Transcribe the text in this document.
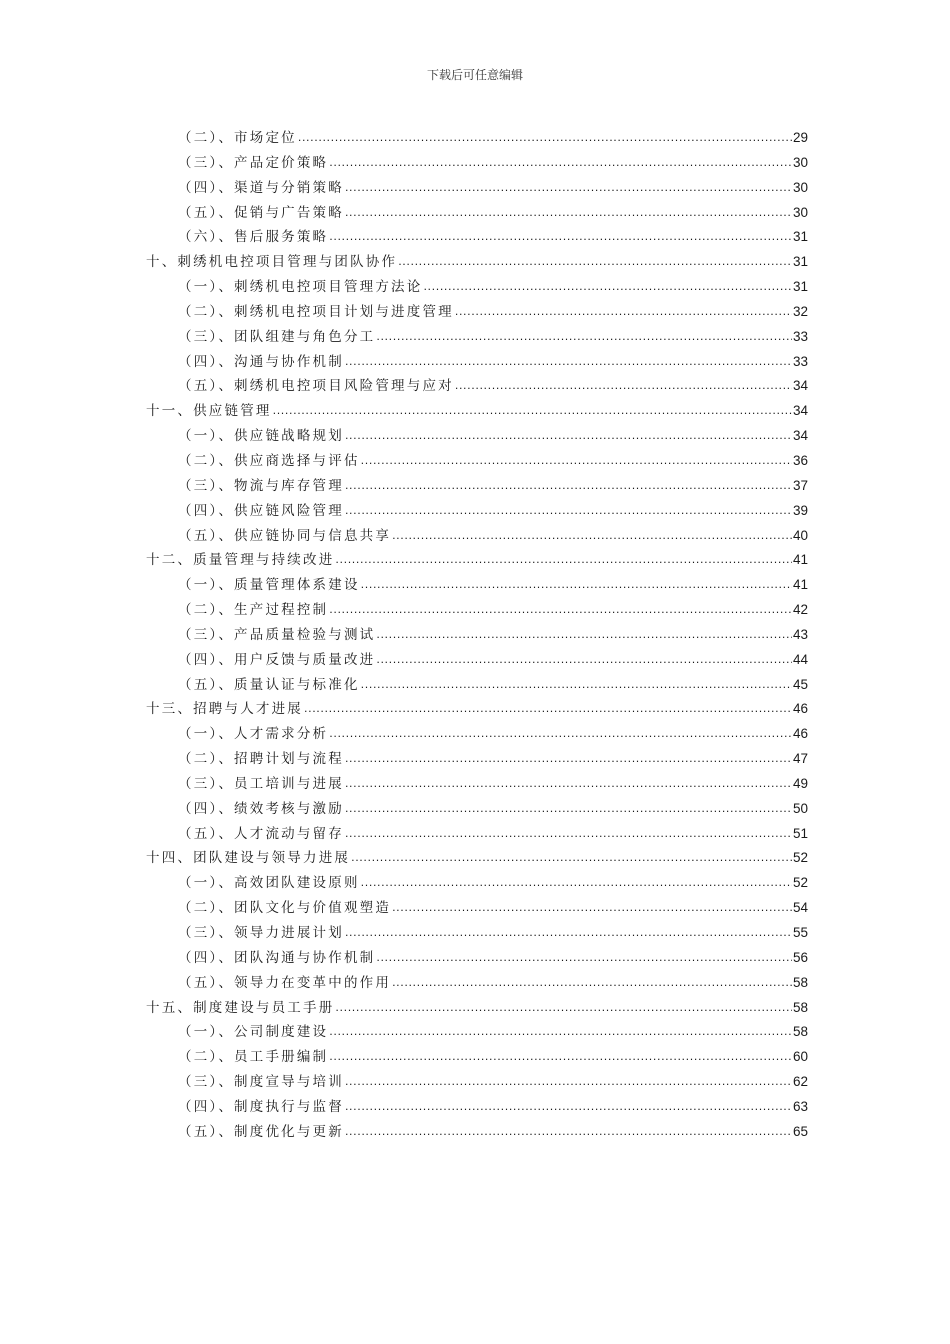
下载后可任意编辑
（二）、市场定位 .....	29
（三）、产品定价策略 .....	30
（四）、渠道与分销策略 .....	30
（五）、促销与广告策略 .....	30
（六）、售后服务策略 .....	31
十、刺绣机电控项目管理与团队协作 .....	31
（一）、刺绣机电控项目管理方法论 .....	31
（二）、刺绣机电控项目计划与进度管理 .....	32
（三）、团队组建与角色分工 .....	33
（四）、沟通与协作机制 .....	33
（五）、刺绣机电控项目风险管理与应对 .....	34
十一、供应链管理 .....	34
（一）、供应链战略规划 .....	34
（二）、供应商选择与评估 .....	36
（三）、物流与库存管理 .....	37
（四）、供应链风险管理 .....	39
（五）、供应链协同与信息共享 .....	40
十二、质量管理与持续改进 .....	41
（一）、质量管理体系建设 .....	41
（二）、生产过程控制 .....	42
（三）、产品质量检验与测试 .....	43
（四）、用户反馈与质量改进 .....	44
（五）、质量认证与标准化 .....	45
十三、招聘与人才进展 .....	46
（一）、人才需求分析 .....	46
（二）、招聘计划与流程 .....	47
（三）、员工培训与进展 .....	49
（四）、绩效考核与激励 .....	50
（五）、人才流动与留存 .....	51
十四、团队建设与领导力进展 .....	52
（一）、高效团队建设原则 .....	52
（二）、团队文化与价值观塑造 .....	54
（三）、领导力进展计划 .....	55
（四）、团队沟通与协作机制 .....	56
（五）、领导力在变革中的作用 .....	58
十五、制度建设与员工手册 .....	58
（一）、公司制度建设 .....	58
（二）、员工手册编制 .....	60
（三）、制度宣导与培训 .....	62
（四）、制度执行与监督 .....	63
（五）、制度优化与更新 .....	65
